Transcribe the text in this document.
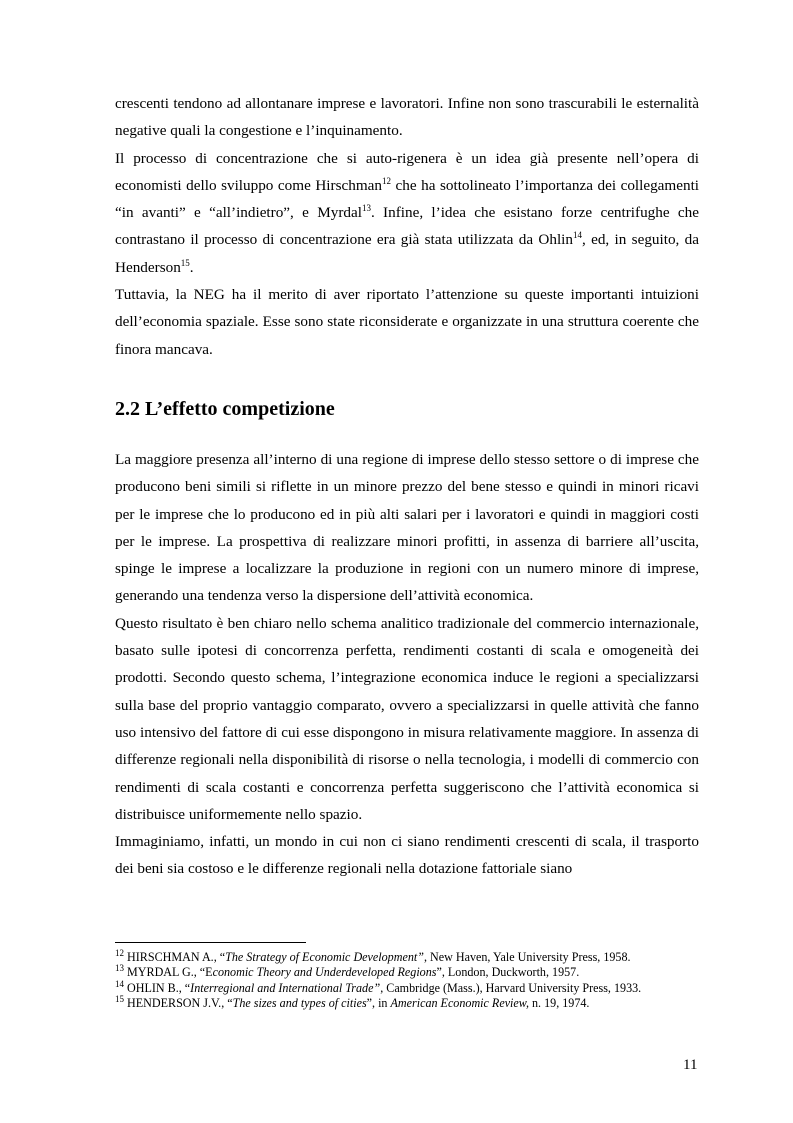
crescenti tendono ad allontanare imprese e lavoratori. Infine non sono trascurabili le esternalità negative quali la congestione e l’inquinamento.

Il processo di concentrazione che si auto-rigenera è un idea già presente nell’opera di economisti dello sviluppo come Hirschman$^{12}$ che ha sottolineato l’importanza dei collegamenti “in avanti” e “all’indietro”, e Myrdal$^{13}$. Infine, l’idea che esistano forze centrifughe che contrastano il processo di concentrazione era già stata utilizzata da Ohlin$^{14}$, ed, in seguito, da Henderson$^{15}$.

Tuttavia, la NEG ha il merito di aver riportato l’attenzione su queste importanti intuizioni dell’economia spaziale. Esse sono state riconsiderate e organizzate in una struttura coerente che finora mancava.

2.2 L’effetto competizione

La maggiore presenza all’interno di una regione di imprese dello stesso settore o di imprese che producono beni simili si riflette in un minore prezzo del bene stesso e quindi in minori ricavi per le imprese che lo producono ed in più alti salari per i lavoratori e quindi in maggiori costi per le imprese. La prospettiva di realizzare minori profitti, in assenza di barriere all’uscita, spinge le imprese a localizzare la produzione in regioni con un numero minore di imprese, generando una tendenza verso la dispersione dell’attività economica.

Questo risultato è ben chiaro nello schema analitico tradizionale del commercio internazionale, basato sulle ipotesi di concorrenza perfetta, rendimenti costanti di scala e omogeneità dei prodotti. Secondo questo schema, l’integrazione economica induce le regioni a specializzarsi sulla base del proprio vantaggio comparato, ovvero a specializzarsi in quelle attività che fanno uso intensivo del fattore di cui esse dispongono in misura relativamente maggiore. In assenza di differenze regionali nella disponibilità di risorse o nella tecnologia, i modelli di commercio con rendimenti di scala costanti e concorrenza perfetta suggeriscono che l’attività economica si distribuisce uniformemente nello spazio.

Immaginiamo, infatti, un mondo in cui non ci siano rendimenti crescenti di scala, il trasporto dei beni sia costoso e le differenze regionali nella dotazione fattoriale siano

$^{12}$ HIRSCHMAN A., “The Strategy of Economic Development”, New Haven, Yale University Press, 1958.

$^{13}$ MYRDAL G., “Economic Theory and Underdeveloped Regions”, London, Duckworth, 1957.

$^{14}$ OHLIN B., “Interregional and International Trade”, Cambridge (Mass.), Harvard University Press, 1933.

$^{15}$ HENDERSON J.V., “The sizes and types of cities”, in American Economic Review, n. 19, 1974.

11
